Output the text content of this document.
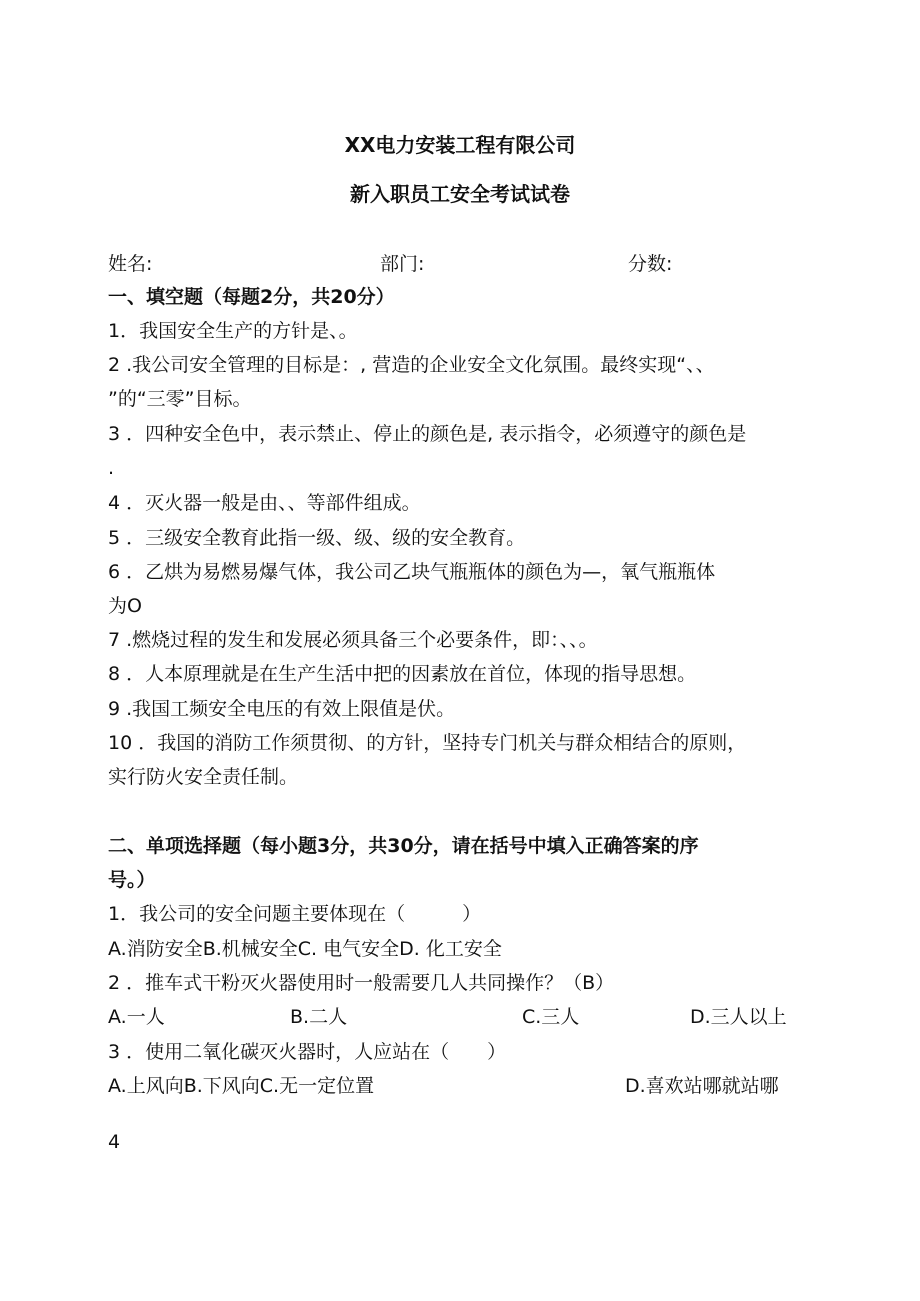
XX电力安装工程有限公司
新入职员工安全考试试卷
姓名:	部门:	分数:
一、填空题（每题2分，共20分）
1．我国安全生产的方针是、。
2 .我公司安全管理的目标是：, 营造的企业安全文化氛围。最终实现“、、
”的“三零”目标。
3 ．四种安全色中，表示禁止、停止的颜色是, 表示指令，必须遵守的颜色是
.
4 ．灭火器一般是由、、等部件组成。
5 ．三级安全教育此指一级、级、级的安全教育。
6 ．乙烘为易燃易爆气体，我公司乙块气瓶瓶体的颜色为—，氧气瓶瓶体
为O
7 .燃烧过程的发生和发展必须具备三个必要条件，即：、、。
8 ．人本原理就是在生产生活中把的因素放在首位，体现的指导思想。
9 .我国工频安全电压的有效上限值是伏。
10 ．我国的消防工作须贯彻、的方针，坚持专门机关与群众相结合的原则，
实行防火安全责任制。
二、单项选择题（每小题3分，共30分，请在括号中填入正确答案的序
号。）
1．我公司的安全问题主要体现在（　　　）
A.消防安全B.机械安全C. 电气安全D. 化工安全
2 ．推车式干粉灭火器使用时一般需要几人共同操作？（B）
A.一人	B.二人	C.三人	D.三人以上
3 ．使用二氧化碳灭火器时，人应站在（　　）
A.上风向B.下风向C.无一定位置	D.喜欢站哪就站哪
4
